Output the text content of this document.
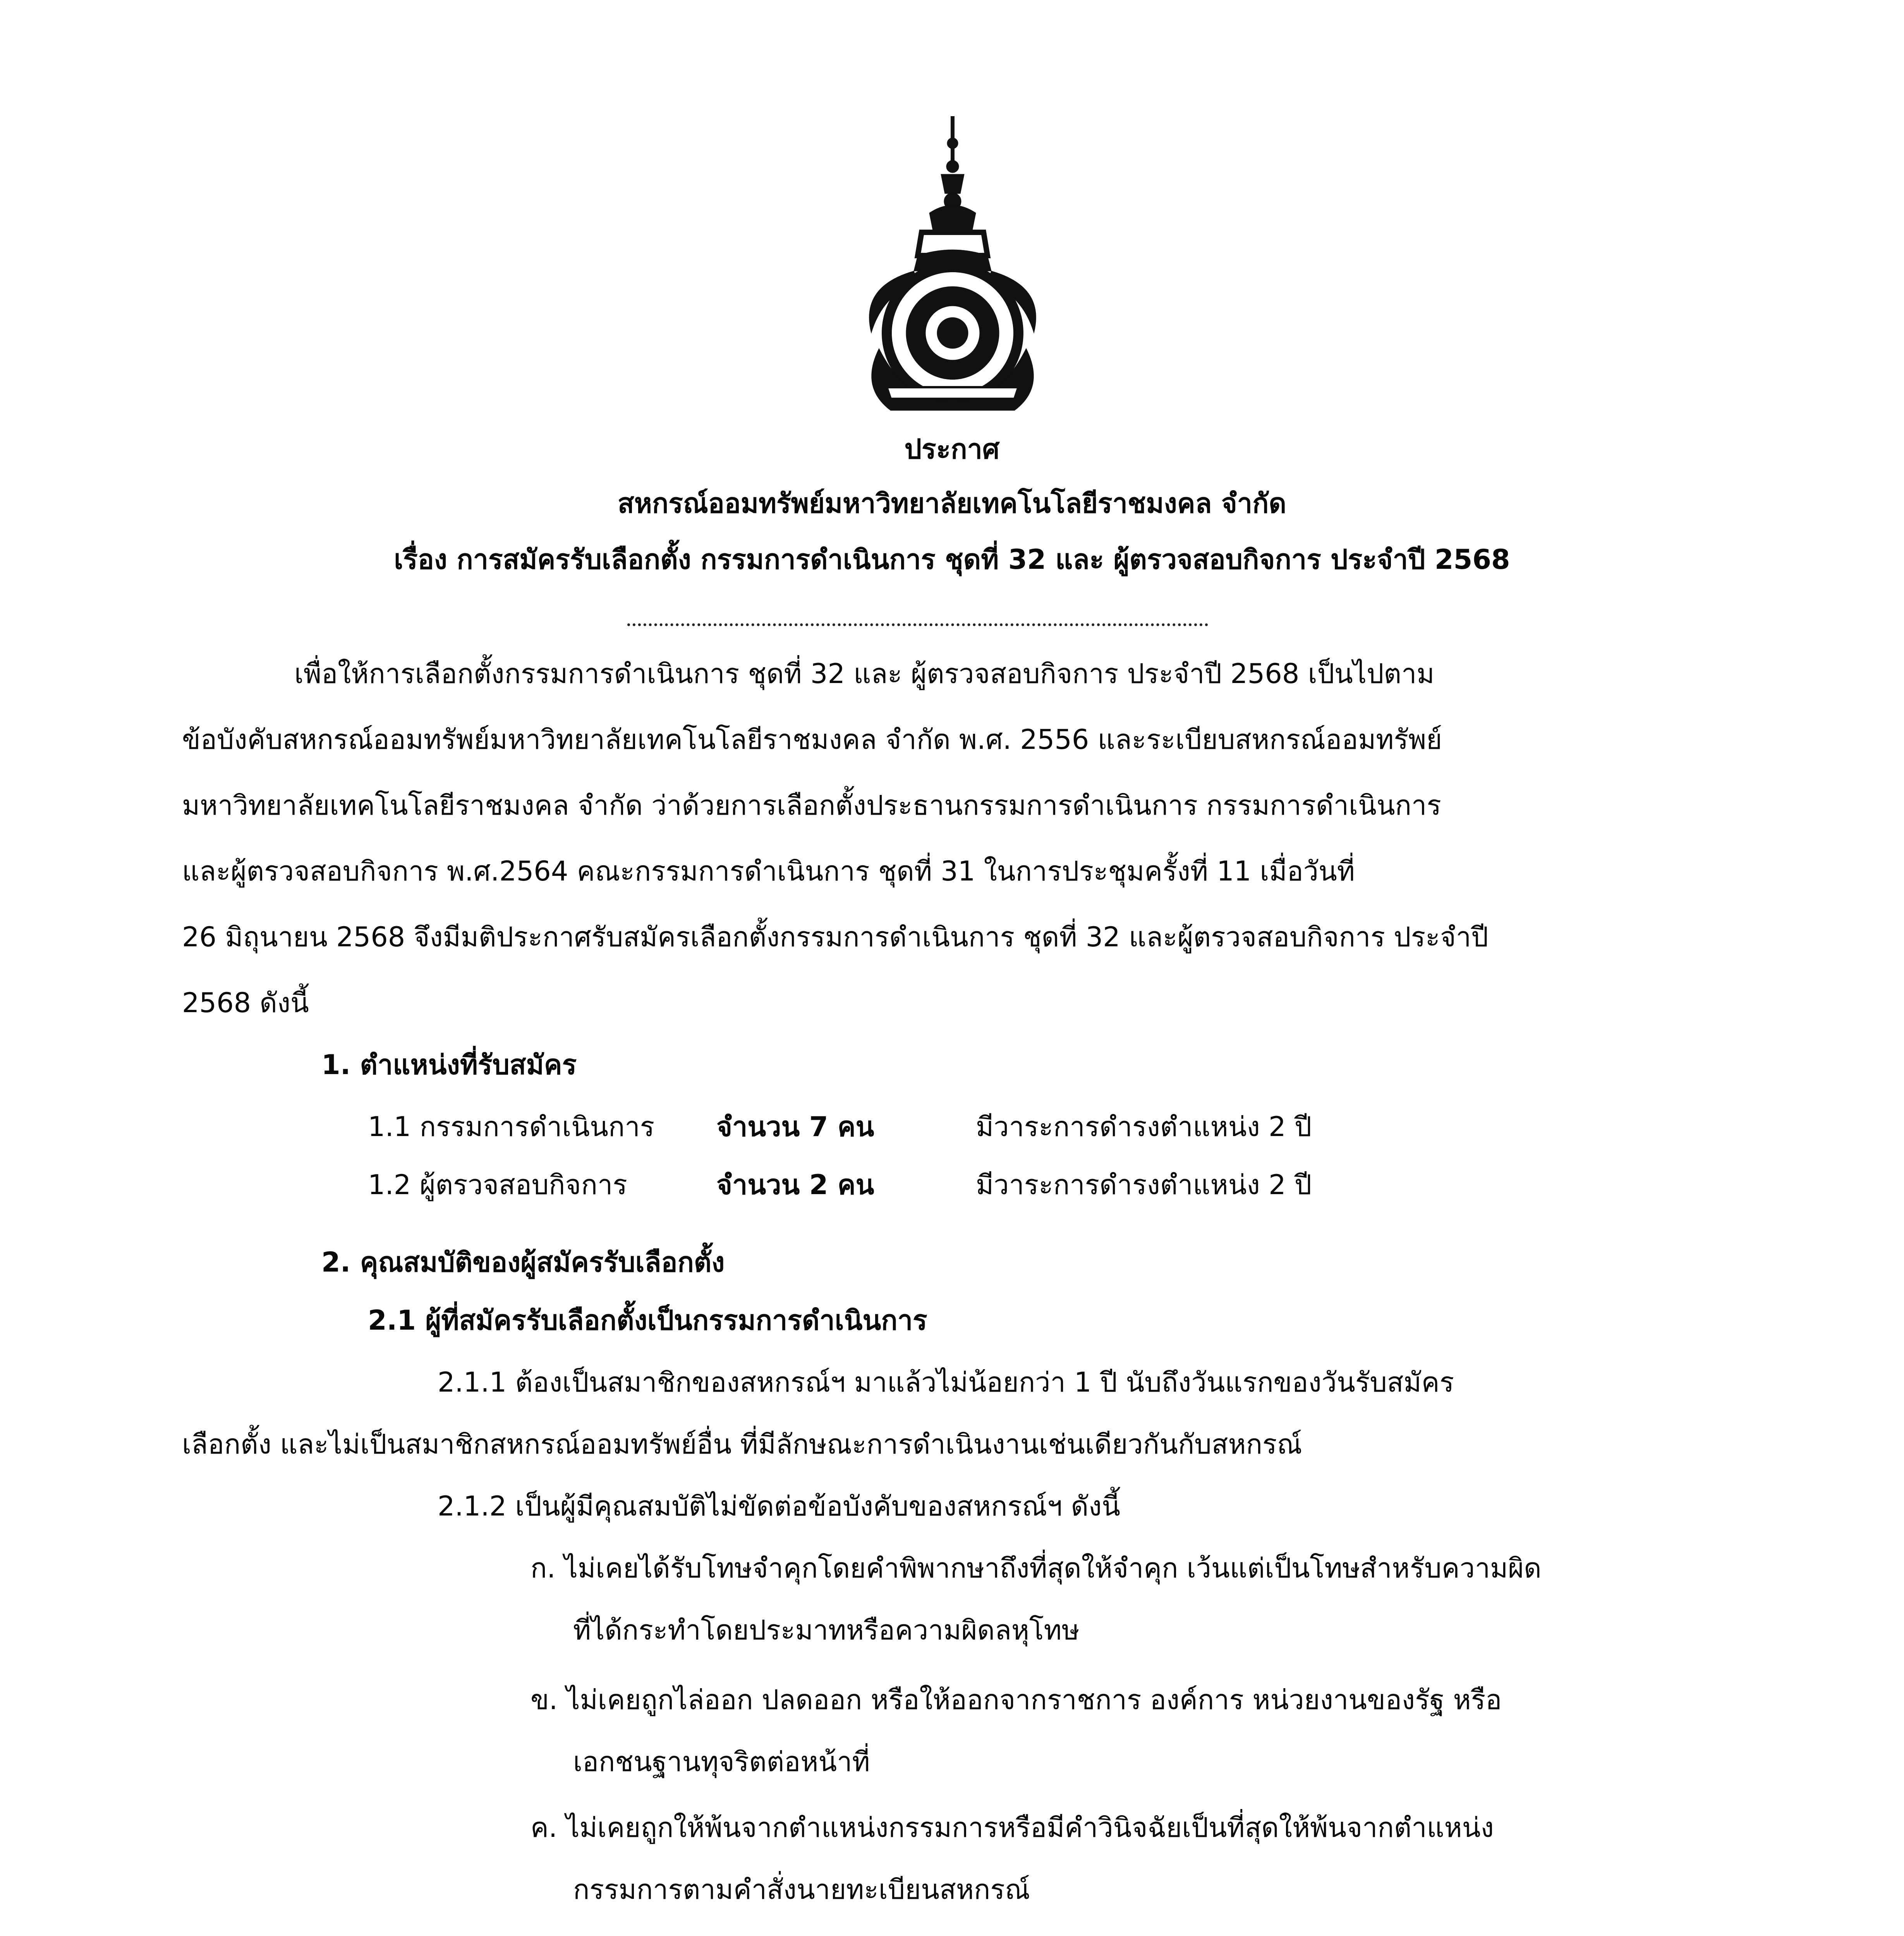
ประกาศ
สหกรณ์ออมทรัพย์มหาวิทยาลัยเทคโนโลยีราชมงคล จำกัด
เรื่อง การสมัครรับเลือกตั้ง กรรมการดำเนินการ ชุดที่ 32 และ ผู้ตรวจสอบกิจการ ประจำปี 2568
เพื่อให้การเลือกตั้งกรรมการดำเนินการ ชุดที่ 32 และ ผู้ตรวจสอบกิจการ ประจำปี 2568 เป็นไปตาม
ข้อบังคับสหกรณ์ออมทรัพย์มหาวิทยาลัยเทคโนโลยีราชมงคล จำกัด พ.ศ. 2556 และระเบียบสหกรณ์ออมทรัพย์
มหาวิทยาลัยเทคโนโลยีราชมงคล จำกัด ว่าด้วยการเลือกตั้งประธานกรรมการดำเนินการ กรรมการดำเนินการ
และผู้ตรวจสอบกิจการ พ.ศ.2564 คณะกรรมการดำเนินการ ชุดที่ 31 ในการประชุมครั้งที่ 11 เมื่อวันที่
26 มิถุนายน 2568 จึงมีมติประกาศรับสมัครเลือกตั้งกรรมการดำเนินการ ชุดที่ 32 และผู้ตรวจสอบกิจการ ประจำปี
2568 ดังนี้
1. ตำแหน่งที่รับสมัคร
1.1 กรรมการดำเนินการ จำนวน 7 คน	มีวาระการดำรงตำแหน่ง 2 ปี
1.2 ผู้ตรวจสอบกิจการ	จำนวน 2 คน	มีวาระการดำรงตำแหน่ง 2 ปี
2. คุณสมบัติของผู้สมัครรับเลือกตั้ง
2.1 ผู้ที่สมัครรับเลือกตั้งเป็นกรรมการดำเนินการ
2.1.1 ต้องเป็นสมาชิกของสหกรณ์ฯ มาแล้วไม่น้อยกว่า 1 ปี นับถึงวันแรกของวันรับสมัคร
เลือกตั้ง และไม่เป็นสมาชิกสหกรณ์ออมทรัพย์อื่น ที่มีลักษณะการดำเนินงานเช่นเดียวกันกับสหกรณ์
2.1.2 เป็นผู้มีคุณสมบัติไม่ขัดต่อข้อบังคับของสหกรณ์ฯ ดังนี้
ก. ไม่เคยได้รับโทษจำคุกโดยคำพิพากษาถึงที่สุดให้จำคุก เว้นแต่เป็นโทษสำหรับความผิด
ที่ได้กระทำโดยประมาทหรือความผิดลหุโทษ
ข. ไม่เคยถูกไล่ออก ปลดออก หรือให้ออกจากราชการ องค์การ หน่วยงานของรัฐ หรือ
เอกชนฐานทุจริตต่อหน้าที่
ค. ไม่เคยถูกให้พ้นจากตำแหน่งกรรมการหรือมีคำวินิจฉัยเป็นที่สุดให้พ้นจากตำแหน่ง
กรรมการตามคำสั่งนายทะเบียนสหกรณ์
